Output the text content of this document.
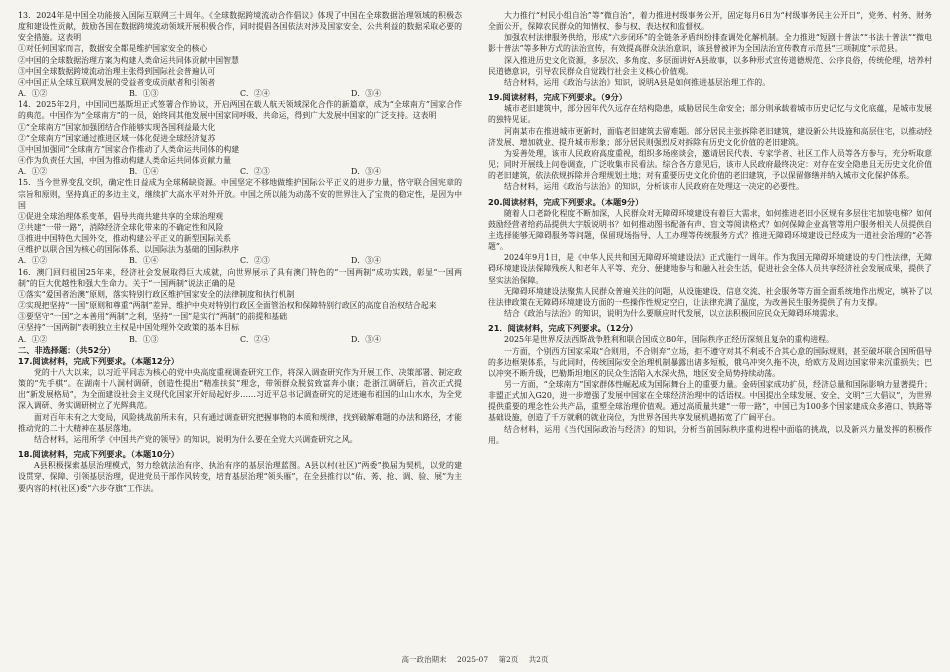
13．2024年是中国全功能接入国际互联网三十周年。《全球数据跨境流动合作倡议》体现了中国在全球数据治理领域的积极态度和建设性贡献，鼓励各国在数据跨境流动领域开展积极合作，同时提倡各国依法对涉及国家安全、公共利益的数据采取必要的安全措施。这表明
①对任何国家而言，数据安全都是维护国家安全的核心
②中国的全球数据治理方案为构建人类命运共同体贡献中国智慧
③中国全球数据跨境流动治理主张得到国际社会普遍认可
④中国正从全球互联网发展的受益者变成贡献者和引领者
A．①②	B．①③	C．②④	D．③④
14．2025年2月，中国同巴基斯坦正式签署合作协议，开启两国在载人航天领域深化合作的新篇章，成为“全球南方”国家合作的典范。中国作为“全球南方”的一员，始终同其他发展中国家同呼吸、共命运，得到广大发展中国家的广泛支持。这表明
①“全球南方”国家加强团结合作能够实现各国利益最大化
②“全球南方”国家通过推进区域一体化促进全球经济复苏
③中国加强同“全球南方”国家合作推动了人类命运共同体的构建
④作为负责任大国，中国为推动构建人类命运共同体贡献力量
A．①②	B．①④	C．②③	D．③④
15．当今世界变乱交织，确定性日益成为全球稀缺资源。中国坚定不移地做维护国际公平正义的进步力量，恪守联合国宪章的宗旨和原则，坚持真正的多边主义，继续扩大高水平对外开放。中国之所以能为动荡不安的世界注入了宝贵的稳定性，是因为中国
①促进全球治理体系变革，倡导共商共建共享的全球治理观
②共建“一带一路”，消除经济全球化带来的不确定性和风险
③推进中国特色大国外交，推动构建公平正义的新型国际关系
④维护以联合国为核心的国际体系、以国际法为基础的国际秩序
A．①②	B．①④	C．②③	D．③④
16．澳门回归祖国25年来，经济社会发展取得巨大成就，向世界展示了具有澳门特色的“一国两制”成功实践，彰显“一国两制”的巨大优越性和强大生命力。关于“一国两制”说法正确的是
①落实“爱国者治澳”原则，落实特别行政区维护国家安全的法律制度和执行机制
②实现把坚持“一国”原则和尊重“两制”差异、维护中央对特别行政区全面管治权和保障特别行政区的高度自治权结合起来
③要坚守“一国”之本善用“两制”之利，坚持“一国”是实行“两制”的前提和基础
④坚持“一国两制”表明独立主权是中国处理外交政策的基本目标
A．①②	B．①③	C．②④	D．③④
二、非选择题：（共52分）
17.阅读材料，完成下列要求。（本题12分）
党的十八大以来，以习近平同志为核心的党中央高度重视调查研究工作，将深入调查研究作为开展工作、决策部署、制定政策的“先手棋”。在湖南十八洞村调研，创造性提出“精准扶贫”理念，带领群众脱贫致富奔小康；赴浙江调研后，首次正式提出“新发展格局”，为全面建设社会主义现代化国家开好局起好步……习近平总书记调查研究的足迹遍布祖国的山山水水，为全党深入调研、务实调研树立了光辉典范。
面对百年未有之大变局，风险挑战前所未有，只有通过调查研究把握事物的本质和规律，找到破解难题的办法和路径，才能推动党的二十大精神在基层落地。
结合材料，运用所学《中国共产党的领导》的知识，说明为什么要在全党大兴调查研究之风。
18.阅读材料，完成下列要求。（本题10分）
A县积极探索基层治理模式，努力绘就法治有序、执治有序的基层治理蓝图。A县以村(社区)“两委”换届为契机，以党的建设贯穿、保障、引领基层治理，促进党员干部作风转变，培育基层治理“领头雁”，在全县推行以“佑、莠、抢、调、验、展”为主要内容的村(社区)委“六步夺旗”工作法。
大力推行“村民小组自治”等“微自治”，着力推进村级事务公开，固定每月6日为“村级事务民主公开日”，党务、村务、财务全面公开，保障农民群众的知情权、参与权、表达权和监督权。
加强农村法律服务供给，形成“六步闭环”的全链条矛盾纠纷排查调处化解机制。全力推进“短剧十普法”“书法十普法”“微电影十普法”等多种方式的法治宣传，有效提高群众法治意识，该县曾被评为全国法治宣传教育示范县“三项制度”示范县。
深入推进历史文化资源，多层次、多角度、多层面讲好A县故事，以多种形式宣传道德规范、公序良俗，传统伦理，培养村民道德意识，引导农民群众自觉践行社会主义核心价值观。
结合材料，运用《政治与法治》知识，说明A县是如何推进基层治理工作的。
19.阅读材料，完成下列要求。（9分）
城市老旧建筑中，部分因年代久远存在结构隐患，威胁居民生命安全；部分则承载着城市历史记忆与文化底蕴，是城市发展的独特见证。
河南某市在推进城市更新时，面临老旧建筑去留难题。部分居民主张拆除老旧建筑，建设新公共设施和高层住宅，以推动经济发展、增加就业、提升城市形象；部分居民则强烈反对拆除有历史文化价值的老旧建筑。
为妥善处理，该市人民政府高度重视，组织多场座谈会，邀请居民代表、专家学者、社区工作人员等各方参与，充分听取意见；同时开展线上问卷调查，广泛收集市民看法。综合各方意见后，该市人民政府最终决定：对存在安全隐患且无历史文化价值的老旧建筑，依法依规拆除并合理规划土地；对有重要历史文化价值的老旧建筑，予以保留修缮并纳入城市文化保护体系。
结合材料，运用《政治与法治》的知识，分析该市人民政府在处理这一决定的必要性。
20.阅读材料，完成下列要求。（本题9分）
随着人口老龄化程度不断加深，人民群众对无障碍环境建设有着巨大需求，如何推进老旧小区规有多层住宅加装电梯？如何鼓励经营者给药品提供大字版说明书？如何推动图书配备有声、盲文等阅读格式？如何保障企业高管等用户服务相关人员提供自主选择能够无障碍服务等问题，保留现场指导、人工办理等传统服务方式？推进无障碍环境建设已经成为一道社会治理的“必答题”。
2024年9月1日，是《中华人民共和国无障碍环境建设法》正式施行一周年。作为我国无障碍环境建设的专门性法律，无障碍环境建设法保障残疾人和老年人平等、充分、便捷地参与和融入社会生活，促进社会全体人员共享经济社会发展成果，提供了坚实法治保障。
无障碍环境建设法聚焦人民群众普遍关注的问题，从设施建设、信息交流、社会服务等方面全面系统地作出规定，填补了以往法律政策在无障碍环境建设方面的一些操作性规定空白，让法律充满了温度，为改善民生服务提供了有力支撑。
结合《政治与法治》的知识，说明为什么要顺应时代发展，以立法积极回应民众无障碍环境需求。
21．阅读材料，完成下列要求。（12分）
2025年是世界反法西斯战争胜利和联合国成立80年，国际秩序正经历深刻且复杂的重构进程。
一方面，个别西方国家采取“合则用，不合则弃”立场，拒不遵守对其不利或不合其心意的国际规则，甚至破坏联合国所倡导的多边框架体系，与此同时，传统国际安全治理机制暴露出诸多短板，俄乌冲突久拖不决，给欧方及周边国家带来沉重损失；巴以冲突不断升级，巴勒斯坦地区的民众生活陷入水深火热，地区安全局势持续动荡。
另一方面，“全球南方”国家群体性崛起成为国际舞台上的重要力量。金砖国家成功扩员，经济总量和国际影响力显著提升；非盟正式加入G20，进一步增强了发展中国家在全球经济治理中的话语权。中国提出全球发展、安全、文明“三大倡议”，为世界提供重要的理念性公共产品，重塑全球治理价值观。通过高质量共建“一带一路”，中国已为100多个国家建成众多港口、铁路等基础设施，创造了千万就剩的就业岗位，为世界各国共享发展机遇拓宽了广阔平台。
结合材料，运用《当代国际政治与经济》的知识，分析当前国际秩序重构进程中面临的挑战，以及新兴力量发挥的积极作用。
高一政治期末 2025-07 第2页 共2页
